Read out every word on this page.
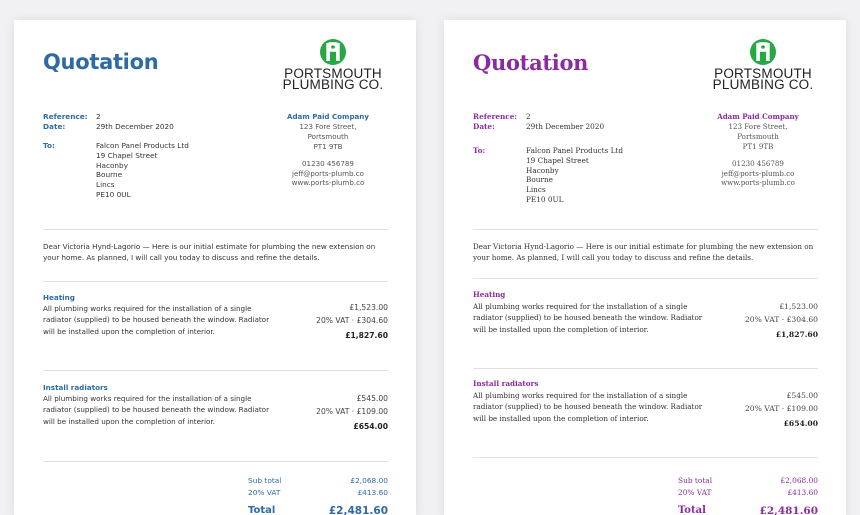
Quotation	PORTSMOUTH
PLUMBING CO.
Reference:	2
Date:	29th December 2020
To:	Falcon Panel Products Ltd
19 Chapel Street
Haconby
Bourne
Lincs
PE10 0UL
Adam Paid Company
123 Fore Street,
Portsmouth
PT1 9TB
01230 456789
jeff@ports-plumb.co
www.ports-plumb.co
Dear Victoria Hynd-Lagorio — Here is our initial estimate for plumbing the new extension on your home. As planned, I will call you today to discuss and refine the details.
Heating
All plumbing works required for the installation of a single radiator (supplied) to be housed beneath the window. Radiator will be installed upon the completion of interior.
£1,523.00
20% VAT · £304.60
£1,827.60
Install radiators
All plumbing works required for the installation of a single radiator (supplied) to be housed beneath the window. Radiator will be installed upon the completion of interior.
£545.00
20% VAT · £109.00
£654.00
Sub total	£2,068.00
20% VAT	£413.60
Total	£2,481.60
Quotation	PORTSMOUTH
PLUMBING CO.
Reference:	2
Date:	29th December 2020
To:	Falcon Panel Products Ltd
19 Chapel Street
Haconby
Bourne
Lincs
PE10 0UL
Adam Paid Company
123 Fore Street,
Portsmouth
PT1 9TB
01230 456789
jeff@ports-plumb.co
www.ports-plumb.co
Dear Victoria Hynd-Lagorio — Here is our initial estimate for plumbing the new extension on your home. As planned, I will call you today to discuss and refine the details.
Heating
All plumbing works required for the installation of a single radiator (supplied) to be housed beneath the window. Radiator will be installed upon the completion of interior.
£1,523.00
20% VAT · £304.60
£1,827.60
Install radiators
All plumbing works required for the installation of a single radiator (supplied) to be housed beneath the window. Radiator will be installed upon the completion of interior.
£545.00
20% VAT · £109.00
£654.00
Sub total	£2,068.00
20% VAT	£413.60
Total	£2,481.60
